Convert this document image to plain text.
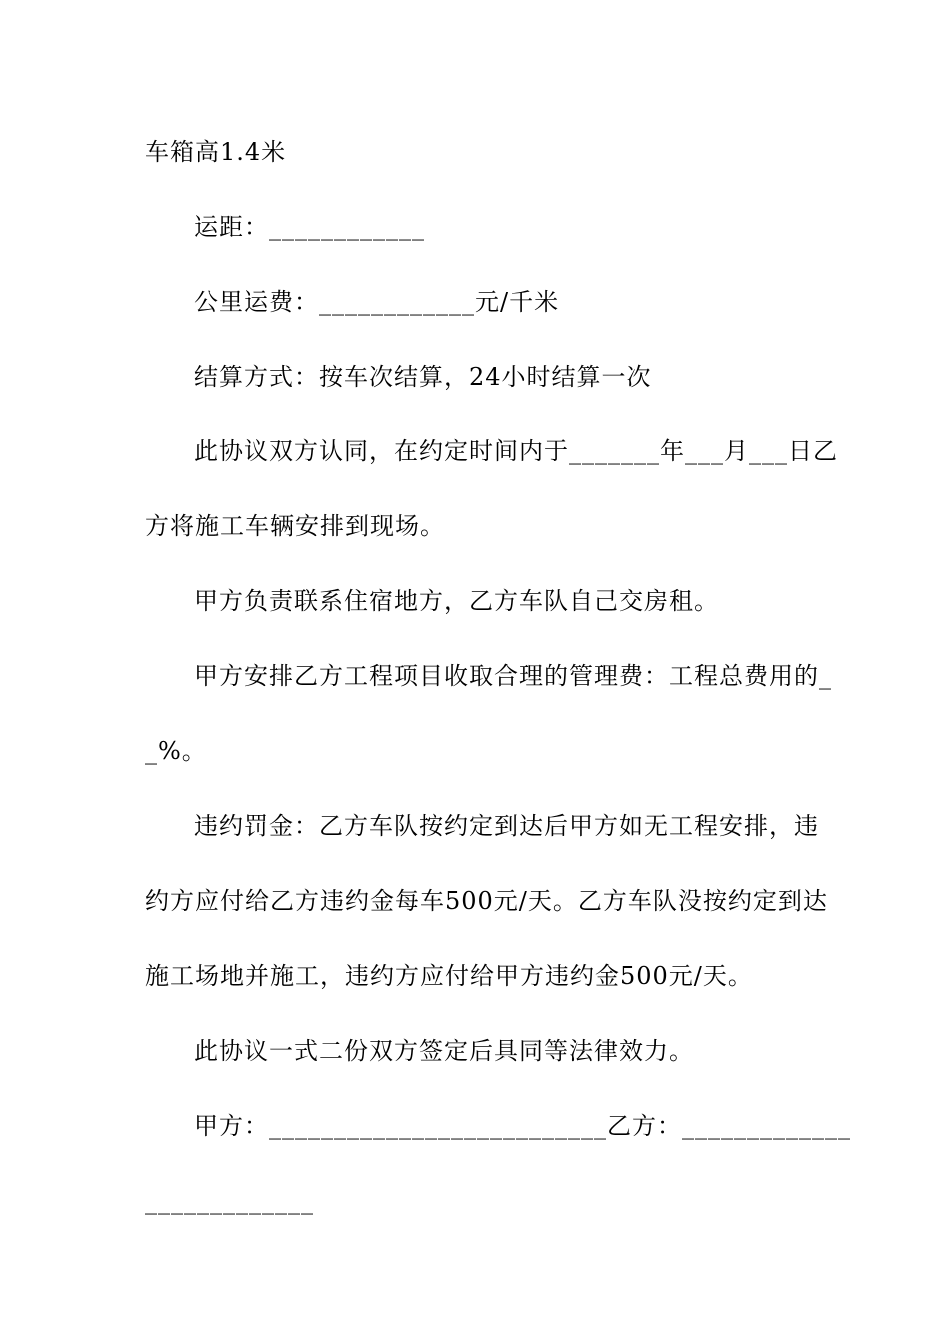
车箱高1.4米
运距：____________
公里运费：____________元/千米
结算方式：按车次结算，24小时结算一次
此协议双方认同，在约定时间内于_______年___月___日乙
方将施工车辆安排到现场。
甲方负责联系住宿地方，乙方车队自己交房租。
甲方安排乙方工程项目收取合理的管理费：工程总费用的_
_%。
违约罚金：乙方车队按约定到达后甲方如无工程安排，违
约方应付给乙方违约金每车500元/天。乙方车队没按约定到达
施工场地并施工，违约方应付给甲方违约金500元/天。
此协议一式二份双方签定后具同等法律效力。
甲方：__________________________乙方：_____________
_____________
